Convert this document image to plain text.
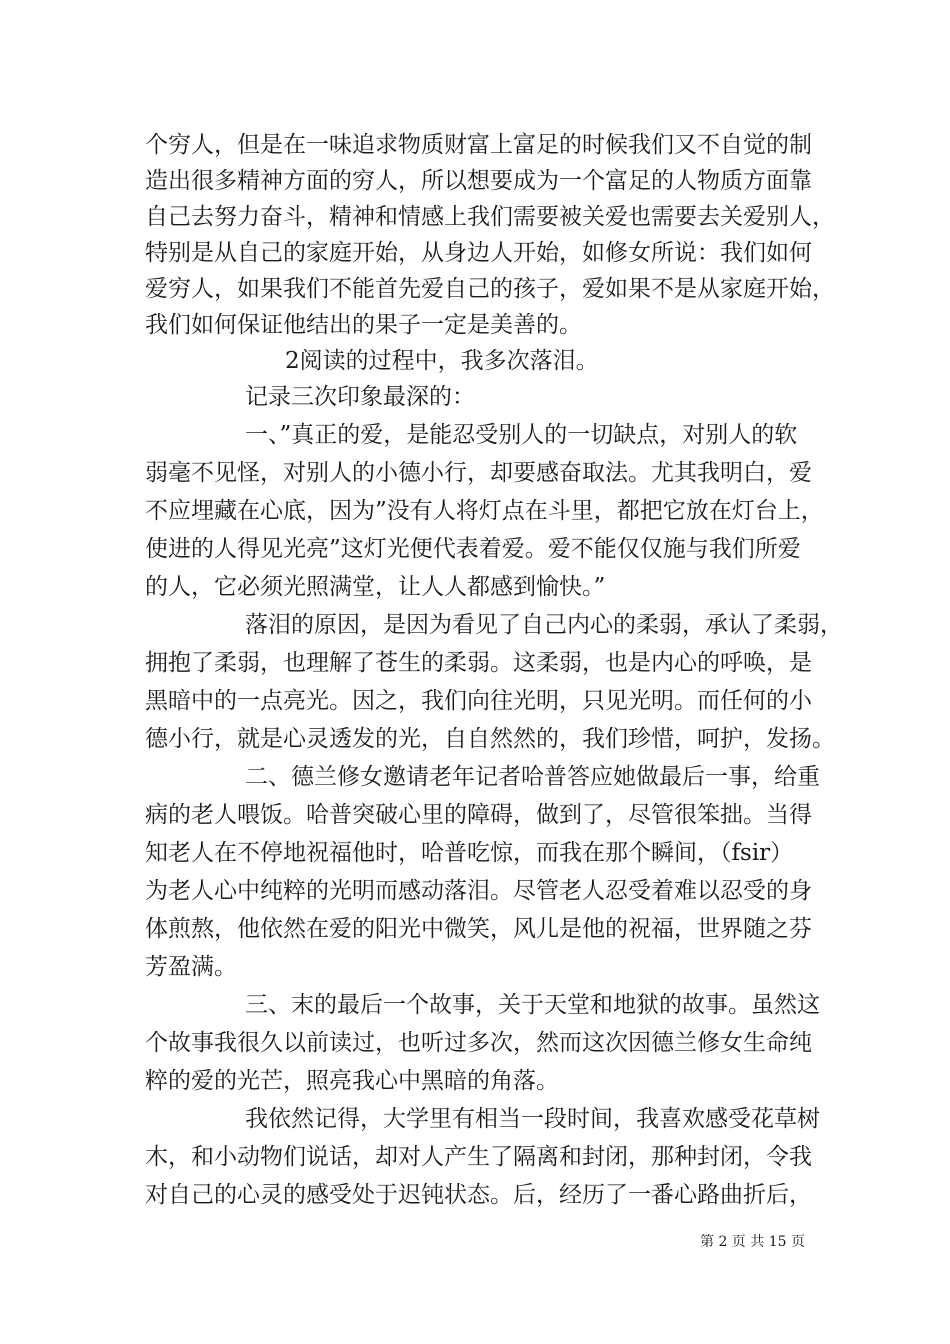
个穷人，但是在一味追求物质财富上富足的时候我们又不自觉的制
造出很多精神方面的穷人，所以想要成为一个富足的人物质方面靠
自己去努力奋斗，精神和情感上我们需要被关爱也需要去关爱别人，
特别是从自己的家庭开始，从身边人开始，如修女所说：我们如何
爱穷人，如果我们不能首先爱自己的孩子，爱如果不是从家庭开始，
我们如何保证他结出的果子一定是美善的。
2阅读的过程中，我多次落泪。
记录三次印象最深的：
一、”真正的爱，是能忍受别人的一切缺点，对别人的软
弱毫不见怪，对别人的小德小行，却要感奋取法。尤其我明白，爱
不应埋藏在心底，因为”没有人将灯点在斗里，都把它放在灯台上，
使进的人得见光亮”这灯光便代表着爱。爱不能仅仅施与我们所爱
的人，它必须光照满堂，让人人都感到愉快。”
落泪的原因，是因为看见了自己内心的柔弱，承认了柔弱，
拥抱了柔弱，也理解了苍生的柔弱。这柔弱，也是内心的呼唤，是
黑暗中的一点亮光。因之，我们向往光明，只见光明。而任何的小
德小行，就是心灵透发的光，自自然然的，我们珍惜，呵护，发扬。
二、德兰修女邀请老年记者哈普答应她做最后一事，给重
病的老人喂饭。哈普突破心里的障碍，做到了，尽管很笨拙。当得
知老人在不停地祝福他时，哈普吃惊，而我在那个瞬间，（fsir）
为老人心中纯粹的光明而感动落泪。尽管老人忍受着难以忍受的身
体煎熬，他依然在爱的阳光中微笑，风儿是他的祝福，世界随之芬
芳盈满。
三、末的最后一个故事，关于天堂和地狱的故事。虽然这
个故事我很久以前读过，也听过多次，然而这次因德兰修女生命纯
粹的爱的光芒，照亮我心中黑暗的角落。
我依然记得，大学里有相当一段时间，我喜欢感受花草树
木，和小动物们说话，却对人产生了隔离和封闭，那种封闭，令我
对自己的心灵的感受处于迟钝状态。后，经历了一番心路曲折后，
第 2 页 共 15 页
